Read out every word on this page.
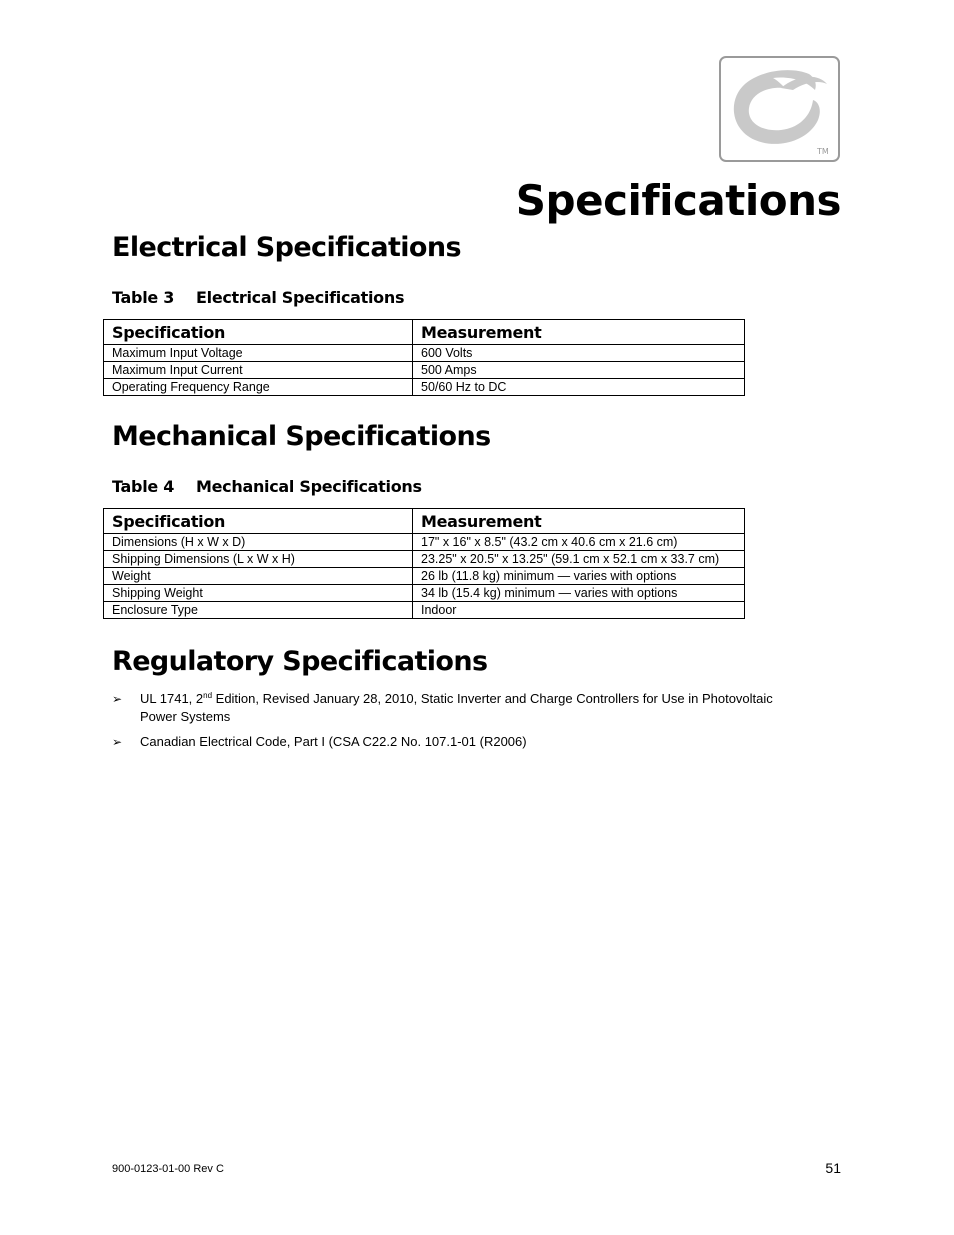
TM
Specifications
Electrical Specifications

Table 3 Electrical Specifications

Specification	Measurement
Maximum Input Voltage	600 Volts
Maximum Input Current	500 Amps
Operating Frequency Range	50/60 Hz to DC
Mechanical Specifications

Table 4 Mechanical Specifications

Specification	Measurement
Dimensions (H x W x D)	17" x 16" x 8.5" (43.2 cm x 40.6 cm x 21.6 cm)
Shipping Dimensions (L x W x H)	23.25" x 20.5" x 13.25" (59.1 cm x 52.1 cm x 33.7 cm)
Weight	26 lb (11.8 kg) minimum — varies with options
Shipping Weight	34 lb (15.4 kg) minimum — varies with options
Enclosure Type	Indoor
Regulatory Specifications
➢ UL 1741, 2nd Edition, Revised January 28, 2010, Static Inverter and Charge Controllers for Use in Photovoltaic Power Systems
➢ Canadian Electrical Code, Part I (CSA C22.2 No. 107.1-01 (R2006)
900-0123-01-00 Rev C	51
